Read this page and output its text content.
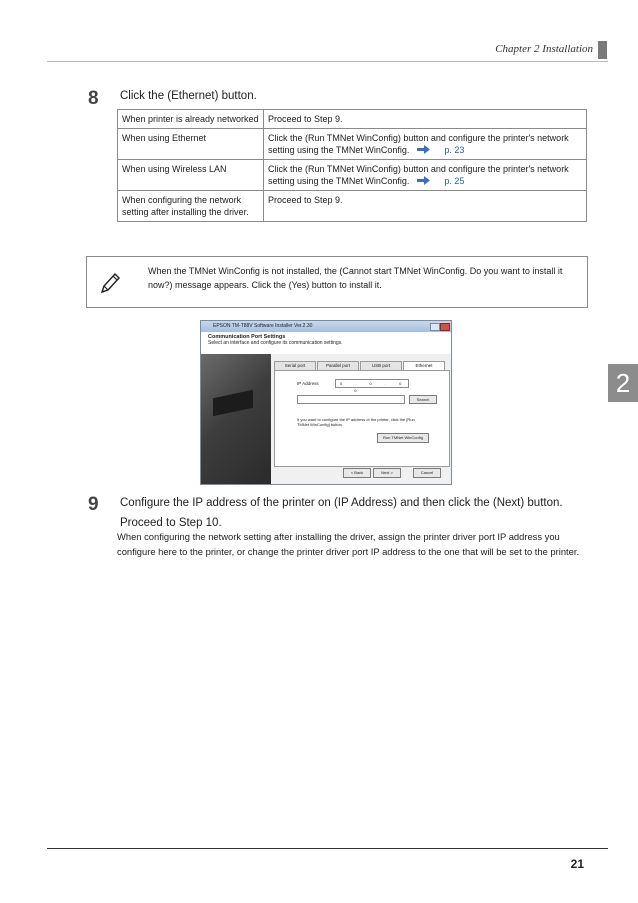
Chapter 2 Installation
2
8 Click the (Ethernet) button.
When printer is already networked	Proceed to Step 9.
When using Ethernet	Click the (Run TMNet WinConfig) button and configure the printer's network setting using the TMNet WinConfig. p. 23
When using Wireless LAN	Click the (Run TMNet WinConfig) button and configure the printer's network setting using the TMNet WinConfig. p. 25
When configuring the network setting after installing the driver.	Proceed to Step 9.
When the TMNet WinConfig is not installed, the (Cannot start TMNet WinConfig. Do you want to install it now?) message appears. Click the (Yes) button to install it.
EPSON TM-T88V Software Installer Ver.2.30
Communication Port Settings
Select an interface and configure its communication settings.
Serial port	Parallel port	USB port	Ethernet
IP Address	0 . 0 . 0 . 0
Search
If you want to configure the IP address of the printer, click the [Run TMNet WinConfig] button.
Run TMNet WinConfig
< Back	Next >	Cancel
9 Configure the IP address of the printer on (IP Address) and then click the (Next) button. Proceed to Step 10.
When configuring the network setting after installing the driver, assign the printer driver port IP address you configure here to the printer, or change the printer driver port IP address to the one that will be set to the printer.
21
